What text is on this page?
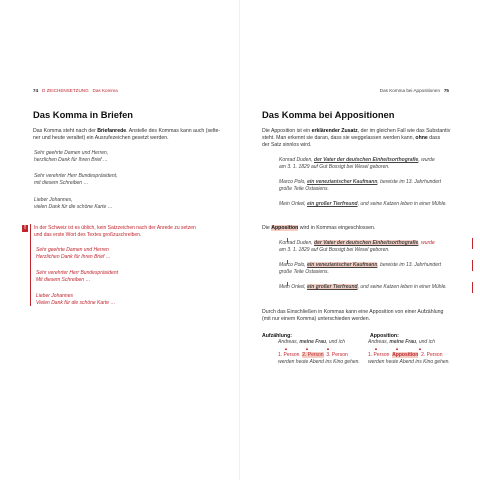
74 D ZEICHENSETZUNG Das Komma
Das Komma in Briefen
Das Komma steht nach der Briefanrede. Anstelle des Kommas kann auch (selte-
ner und heute veraltet) ein Ausrufezeichen gesetzt werden.
Sehr geehrte Damen und Herren,
herzlichen Dank für Ihren Brief …
Sehr verehrter Herr Bundespräsident,
mit diesem Schreiben …
Lieber Johannes,
vielen Dank für die schöne Karte …
!	In der Schweiz ist es üblich, kein Satzzeichen nach der Anrede zu setzen
und das erste Wort des Textes großzuschreiben.
Sehr geehrte Damen und Herren
Herzlichen Dank für Ihren Brief …
Sehr verehrter Herr Bundespräsident
Mit diesem Schreiben …
Lieber Johannes
Vielen Dank für die schöne Karte …
Das Komma bei Appositionen 75
Das Komma bei Appositionen
Die Apposition ist ein erklärender Zusatz, der im gleichen Fall wie das Substantiv
steht. Man erkennt sie daran, dass sie weggelassen werden kann, ohne dass
der Satz sinnlos wird.
Konrad Duden, der Vater der deutschen Einheitsorthografie, wurde
am 3. 1. 1829 auf Gut Bossigt bei Wesel geboren.
Marco Polo, ein venezianischer Kaufmann, bereiste im 13. Jahrhundert
große Teile Ostasiens.
Mein Onkel, ein großer Tierfreund, und seine Katzen leben in einer Mühle.
Die Apposition wird in Kommas eingeschlossen.
Konrad Duden, der Vater der deutschen Einheitsorthografie, wurde
am 3. 1. 1829 auf Gut Bossigt bei Wesel geboren.
Marco Polo, ein venezianischer Kaufmann, bereiste im 13. Jahrhundert
große Teile Ostasiens.
Mein Onkel, ein großer Tierfreund, und seine Katzen leben in einer Mühle.
Durch das Einschließen in Kommas kann eine Apposition von einer Aufzählung
(mit nur einem Komma) unterschieden werden.
Aufzählung:
Andreas, meine Frau, und ich
▲	▲	▲
1. Person 2. Person 3. Person
werden heute Abend ins Kino gehen.
Apposition:
Andreas, meine Frau, und ich
▲	▲	▲
1. Person Apposition 2. Person
werden heute Abend ins Kino gehen.
